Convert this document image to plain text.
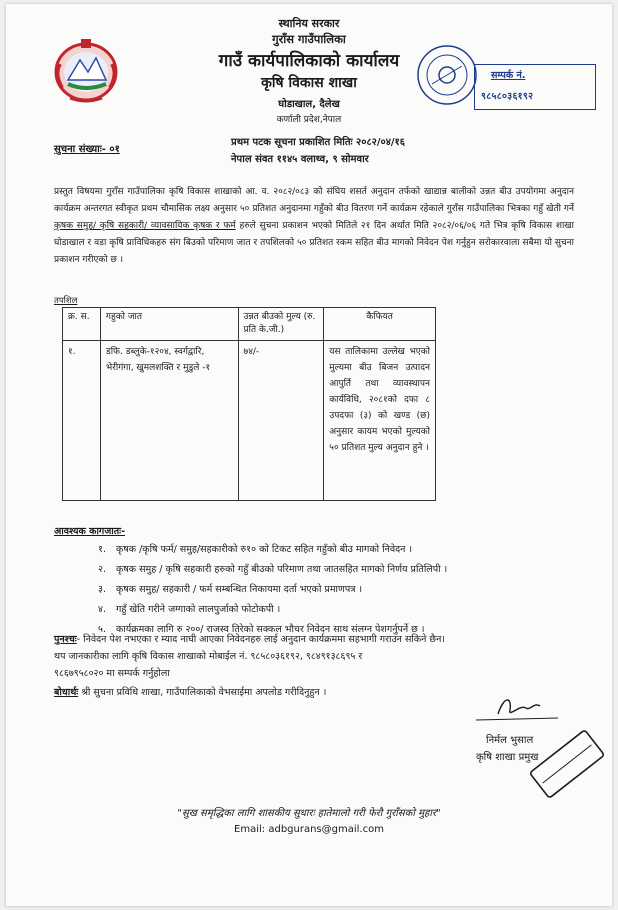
स्थानिय सरकार
गुराँस गाउँपालिका
गाउँ कार्यपालिकाको कार्यालय
कृषि विकास शाखा
घोडाखाल, दैलेख
कर्णाली प्रदेश,नेपाल
सम्पर्क नं.
९८५८०३६१९२
सुचना संख्याः- ०१
प्रथम पटक सूचना प्रकाशित मितिः २०८२/०४/१६
नेपाल संवत ११४५ वलाथ्व, ९ सोमवार
प्रस्तुत विषयमा गुराँस गाउँपालिका कृषि विकास शाखाको आ. व. २०८२/०८३ को संघिय शसर्त अनुदान तर्फको खाद्यान्न बालीको उन्नत बीउ उपयोगमा अनुदान कार्यक्रम अन्तरगत स्वीकृत प्रथम चौमासिक लक्ष्य अनुसार ५० प्रतिशत अनुदानमा गहुँको बीउ वितरण गर्ने कार्यक्रम रहेकाले गुराँस गाउँपालिका भित्रका गहुँ खेती गर्ने कृषक समुह/ कृषि सहकारी/ व्यावसायिक कृषक र फर्म हरुले सुचना प्रकाशन भएको मितिले २१ दिन अर्थात मिति २०८२/०६/०६ गते भित्र कृषि विकास शाखा घोडाखाल र वडा कृषि प्राविधिकहरु संग बिउको परिमाण जात र तपशिलको ५० प्रतिशत रकम सहित बीउ मागको निवेदन पेश गर्नुहुन सरोकारवाला सबैमा यो सुचना प्रकाशन गरीएको छ ।
तपशिल
क्र. स.	गहुको जात	उन्नत बीउको मुल्य (रु. प्रति के.जी.)	कैफियत
१.	डफि. डब्लुके-१२०४, स्वर्गद्वारि, भेरीगंगा, खुमलशक्ति र मुडुले -१	७४/-	यस तालिकामा उल्लेख भएको मुल्यमा बीउ बिजन उत्पादन आपुर्ति तथा व्यावस्थापन कार्यविधि, २०८१को दफा ८ उपदफा (३) को खण्ड (छ) अनुसार कायम भएको मुल्यको ५० प्रतिशत मुल्य अनुदान हुने ।
आवश्यक कागजातः-
१. कृषक /कृषि फर्म/ समुह/सहकारीको रु१० को टिकट सहित गहुँको बीउ मागको निवेदन ।
२. कृषक समुह / कृषि सहकारी हरुको गहुँ बीउको परिमाण तथा जातसहित मागको निर्णय प्रतिलिपी ।
३. कृषक समुह/ सहकारी / फर्म सम्बन्धित निकायमा दर्ता भएको प्रमाणपत्र ।
४. गहुँ खेति गरीने जग्गाको लालपुर्जाको फोटोकपी ।
५. कार्यक्रमका लागि रु २००/ राजस्व तिरेको सक्कल भौचर निवेदन साथ संलग्न पेशगर्नुपर्ने छ ।
पुनश्चः- निवेदन पेश नभएका र म्याद नाघी आएका निवेदनहरु लाई अनुदान कार्यक्रममा सहभागी गराउन सकिने छैन।
थप जानकारीका लागि कृषि विकास शाखाको मोबाईल नं. ९८५८०३६१९२, ९८४९१३८६९५ र
९८६७९५८०२० मा सम्पर्क गर्नुहोला
बोधार्थः श्री सुचना प्रविधि शाखा, गाउँपालिकाको वेभसाईमा अपलोड गरीदिनुहुन ।
निर्मल भुसाल
कृषि शाखा प्रमुख
"सुख समृद्धिका लागि शासकीय सुधारः हातेमालो गरी फेरौ गुराँसको मुहार"
Email: adbgurans@gmail.com
